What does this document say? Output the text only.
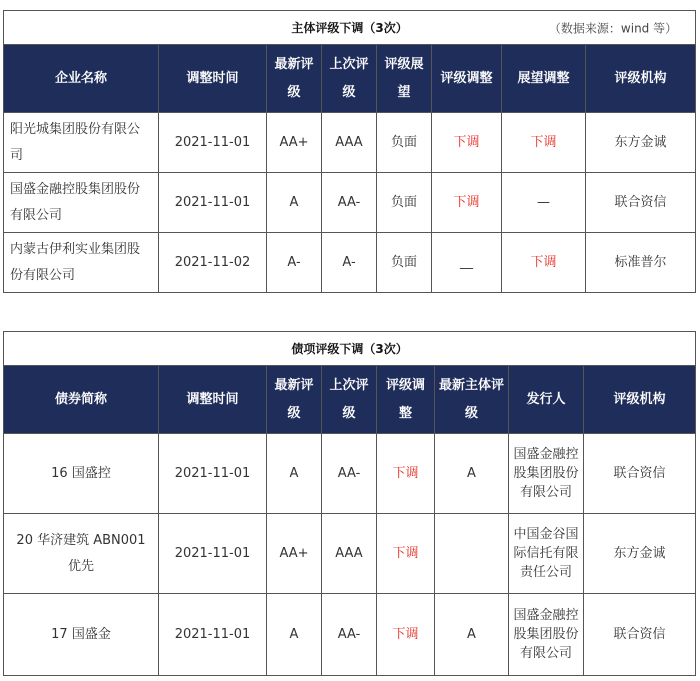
主体评级下调（3次） （数据来源：wind 等）							

企业名称	调整时间	最新评级	上次评级	评级展望	评级调整	展望调整	评级机构
阳光城集团股份有限公司	2021-11-01	AA+	AAA	负面	下调	下调	东方金诚
国盛金融控股集团股份有限公司	2021-11-01	A	AA-	负面	下调	—	联合资信
内蒙古伊利实业集团股份有限公司	2021-11-02	A-	A-	负面	__	下调	标准普尔
债项评级下调（3次）							
债券简称	调整时间	最新评级	上次评级	评级调整	最新主体评级	发行人	评级机构
16 国盛控	2021-11-01	A	AA-	下调	A	国盛金融控股集团股份有限公司	联合资信
20 华济建筑 ABN001 优先	2021-11-01	AA+	AAA	下调		中国金谷国际信托有限责任公司	东方金诚
17 国盛金	2021-11-01	A	AA-	下调	A	国盛金融控股集团股份有限公司	联合资信
